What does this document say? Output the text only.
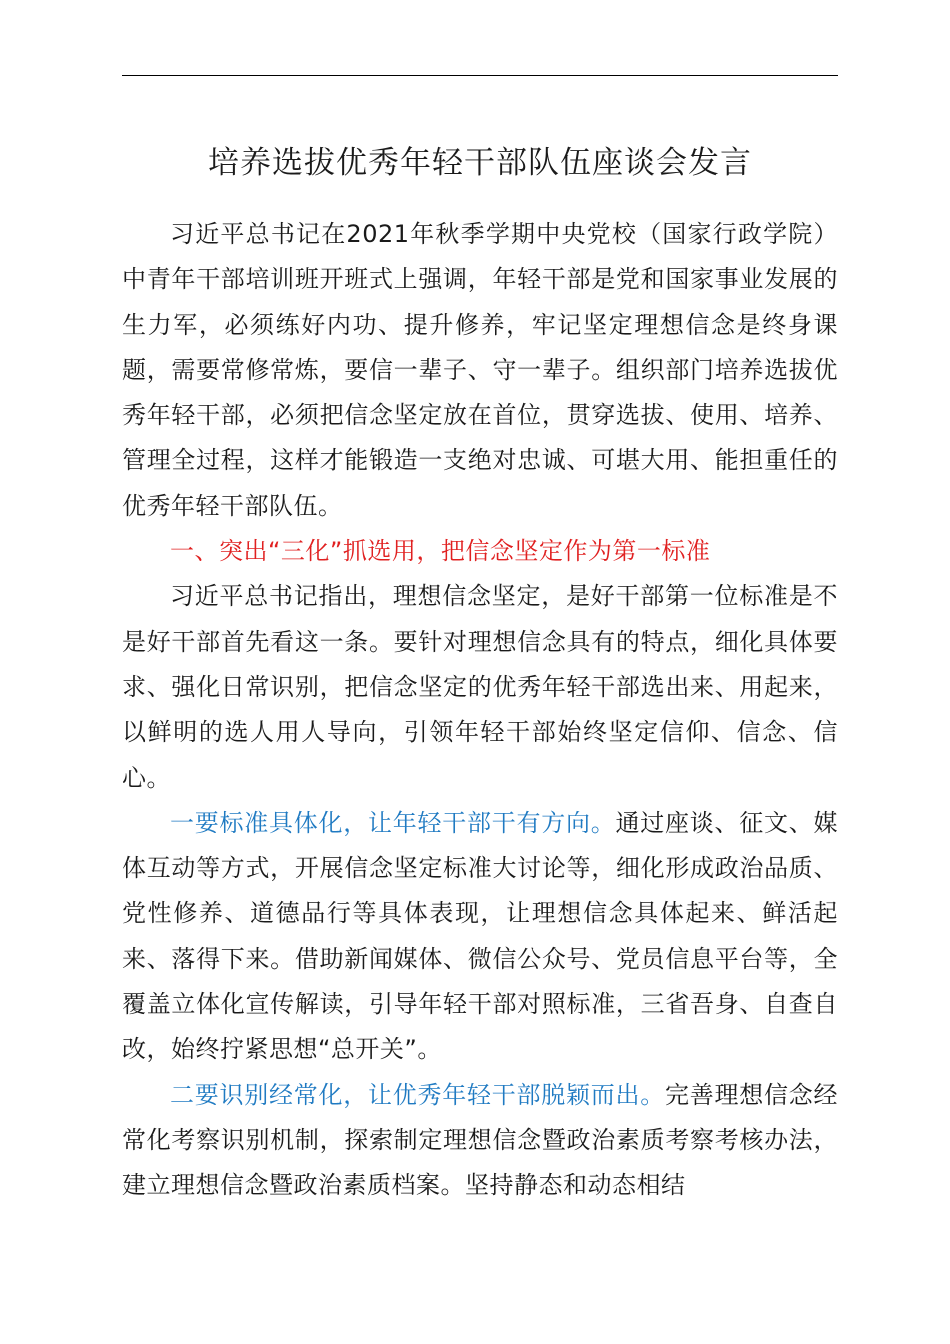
培养选拔优秀年轻干部队伍座谈会发言

习近平总书记在2021年秋季学期中央党校（国家行政学院）中青年干部培训班开班式上强调，年轻干部是党和国家事业发展的生力军，必须练好内功、提升修养，牢记坚定理想信念是终身课题，需要常修常炼，要信一辈子、守一辈子。组织部门培养选拔优秀年轻干部，必须把信念坚定放在首位，贯穿选拔、使用、培养、管理全过程，这样才能锻造一支绝对忠诚、可堪大用、能担重任的优秀年轻干部队伍。

一、突出“三化”抓选用，把信念坚定作为第一标准

习近平总书记指出，理想信念坚定，是好干部第一位标准是不是好干部首先看这一条。要针对理想信念具有的特点，细化具体要求、强化日常识别，把信念坚定的优秀年轻干部选出来、用起来，以鲜明的选人用人导向，引领年轻干部始终坚定信仰、信念、信心。

一要标准具体化，让年轻干部干有方向。通过座谈、征文、媒体互动等方式，开展信念坚定标准大讨论等，细化形成政治品质、党性修养、道德品行等具体表现，让理想信念具体起来、鲜活起来、落得下来。借助新闻媒体、微信公众号、党员信息平台等，全覆盖立体化宣传解读，引导年轻干部对照标准，三省吾身、自查自改，始终拧紧思想“总开关”。

二要识别经常化，让优秀年轻干部脱颖而出。完善理想信念经常化考察识别机制，探索制定理想信念暨政治素质考察考核办法，建立理想信念暨政治素质档案。坚持静态和动态相结
